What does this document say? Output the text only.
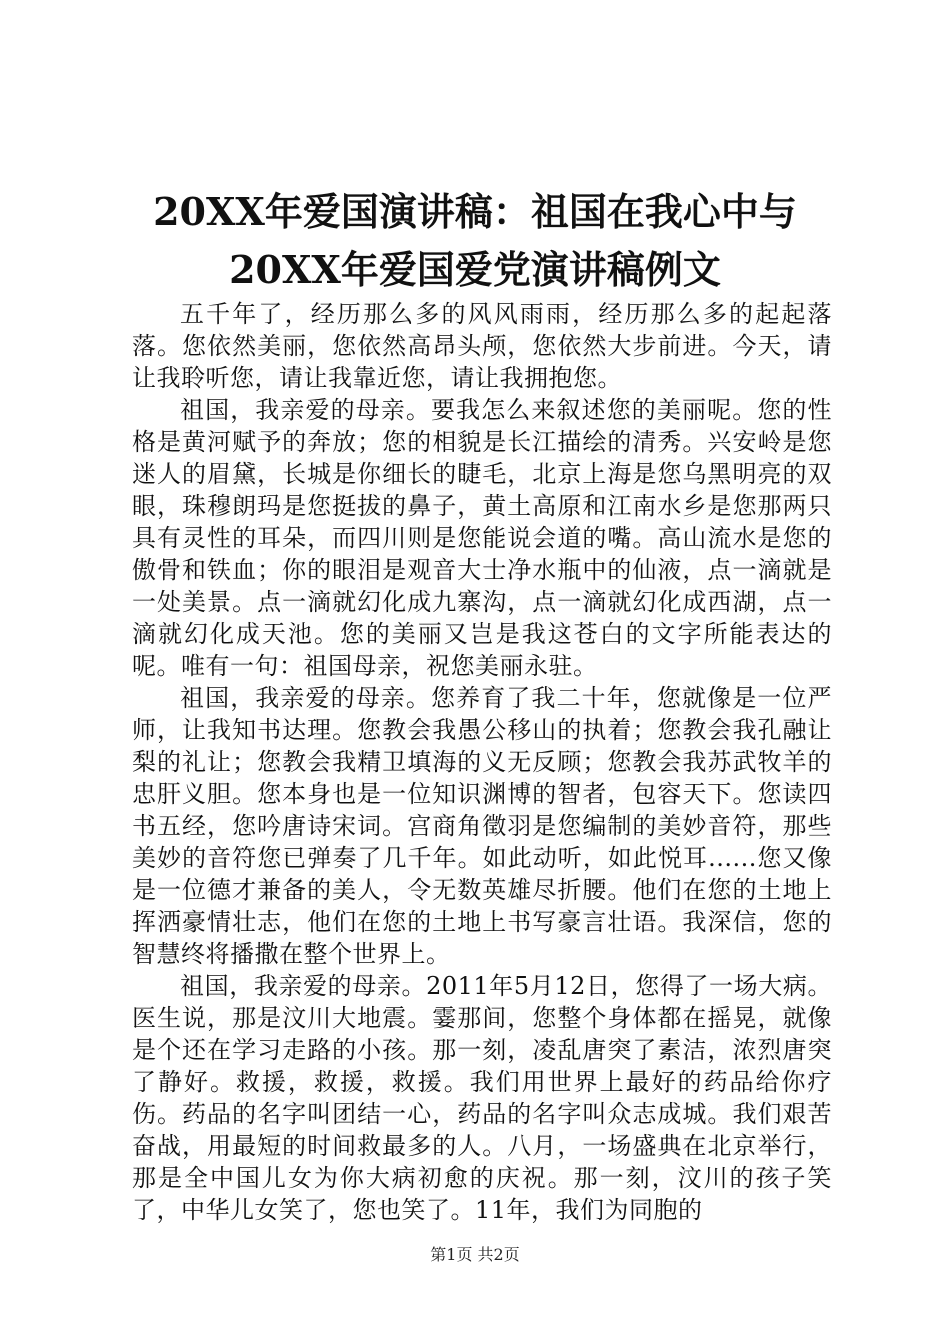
20XX年爱国演讲稿：祖国在我心中与20XX年爱国爱党演讲稿例文

五千年了，经历那么多的风风雨雨，经历那么多的起起落落。您依然美丽，您依然高昂头颅，您依然大步前进。今天，请让我聆听您，请让我靠近您，请让我拥抱您。

祖国，我亲爱的母亲。要我怎么来叙述您的美丽呢。您的性格是黄河赋予的奔放；您的相貌是长江描绘的清秀。兴安岭是您迷人的眉黛，长城是你细长的睫毛，北京上海是您乌黑明亮的双眼，珠穆朗玛是您挺拔的鼻子，黄土高原和江南水乡是您那两只具有灵性的耳朵，而四川则是您能说会道的嘴。高山流水是您的傲骨和铁血；你的眼泪是观音大士净水瓶中的仙液，点一滴就是一处美景。点一滴就幻化成九寨沟，点一滴就幻化成西湖，点一滴就幻化成天池。您的美丽又岂是我这苍白的文字所能表达的呢。唯有一句：祖国母亲，祝您美丽永驻。

祖国，我亲爱的母亲。您养育了我二十年，您就像是一位严师，让我知书达理。您教会我愚公移山的执着；您教会我孔融让梨的礼让；您教会我精卫填海的义无反顾；您教会我苏武牧羊的忠肝义胆。您本身也是一位知识渊博的智者，包容天下。您读四书五经，您吟唐诗宋词。宫商角徵羽是您编制的美妙音符，那些美妙的音符您已弹奏了几千年。如此动听，如此悦耳......您又像是一位德才兼备的美人，令无数英雄尽折腰。他们在您的土地上挥洒豪情壮志，他们在您的土地上书写豪言壮语。我深信，您的智慧终将播撒在整个世界上。

祖国，我亲爱的母亲。2011年5月12日，您得了一场大病。医生说，那是汶川大地震。霎那间，您整个身体都在摇晃，就像是个还在学习走路的小孩。那一刻，凌乱唐突了素洁，浓烈唐突了静好。救援，救援，救援。我们用世界上最好的药品给你疗伤。药品的名字叫团结一心，药品的名字叫众志成城。我们艰苦奋战，用最短的时间救最多的人。八月，一场盛典在北京举行，那是全中国儿女为你大病初愈的庆祝。那一刻，汶川的孩子笑了，中华儿女笑了，您也笑了。11年，我们为同胞的

第1页 共2页
